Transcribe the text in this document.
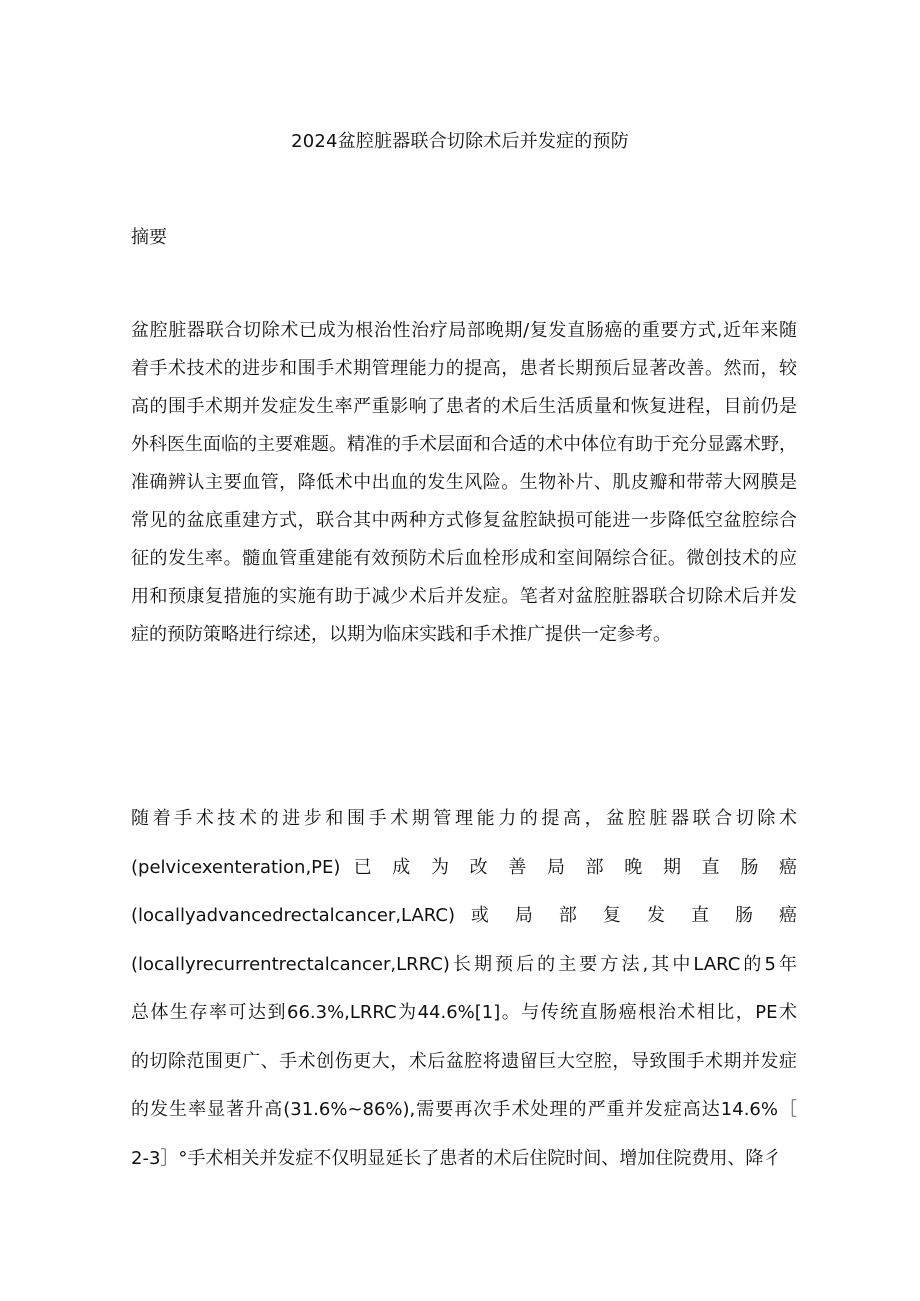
2024盆腔脏器联合切除术后并发症的预防
摘要
盆腔脏器联合切除术已成为根治性治疗局部晚期/复发直肠癌的重要方式,近年来随
着手术技术的进步和围手术期管理能力的提高，患者长期预后显著改善。然而，较
高的围手术期并发症发生率严重影响了患者的术后生活质量和恢复进程，目前仍是
外科医生面临的主要难题。精准的手术层面和合适的术中体位有助于充分显露术野，
准确辨认主要血管，降低术中出血的发生风险。生物补片、肌皮瓣和带蒂大网膜是
常见的盆底重建方式，联合其中两种方式修复盆腔缺损可能进一步降低空盆腔综合
征的发生率。髓血管重建能有效预防术后血栓形成和室间隔综合征。微创技术的应
用和预康复措施的实施有助于减少术后并发症。笔者对盆腔脏器联合切除术后并发
症的预防策略进行综述，以期为临床实践和手术推广提供一定参考。
随着手术技术的进步和围手术期管理能力的提高，盆腔脏器联合切除术
(pelvicexenteration,PE) 已 成 为 改 善 局 部 晚 期 直 肠 癌
(locallyadvancedrectalcancer,LARC) 或 局 部 复 发 直 肠 癌
(locallyrecurrentrectalcancer,LRRC)长期预后的主要方法,其中LARC的5年
总体生存率可达到66.3%,LRRC为44.6%[1]。与传统直肠癌根治术相比，PE术
的切除范围更广、手术创伤更大，术后盆腔将遗留巨大空腔，导致围手术期并发症
的发生率显著升高(31.6%~86%),需要再次手术处理的严重并发症高达14.6%［
2-3］°手术相关并发症不仅明显延长了患者的术后住院时间、增加住院费用、降彳
